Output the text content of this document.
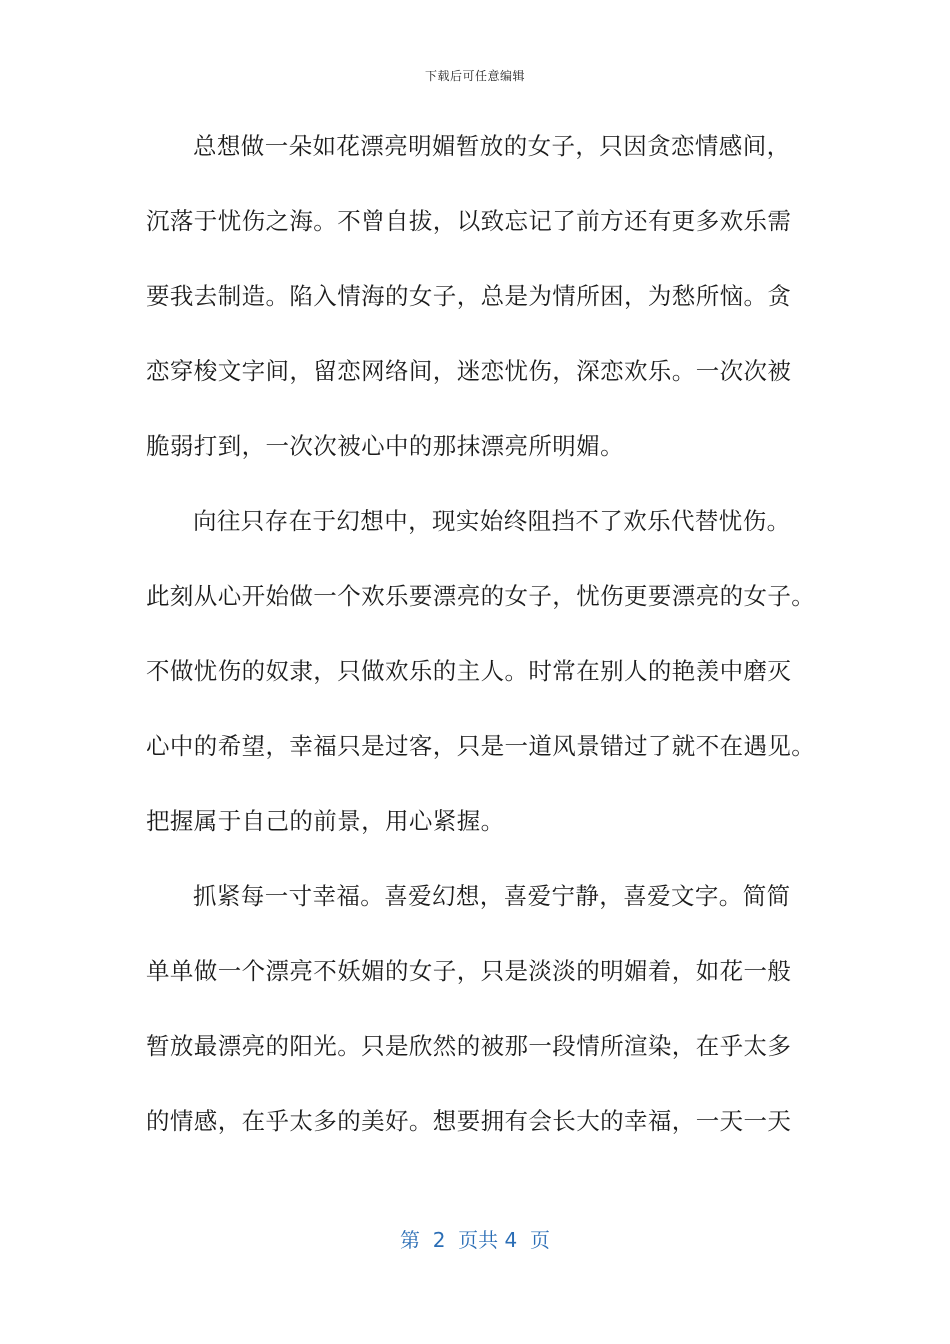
下载后可任意编辑
总想做一朵如花漂亮明媚暂放的女子，只因贪恋情感间，
沉落于忧伤之海。不曾自拔，以致忘记了前方还有更多欢乐需
要我去制造。陷入情海的女子，总是为情所困，为愁所恼。贪
恋穿梭文字间，留恋网络间，迷恋忧伤，深恋欢乐。一次次被
脆弱打到，一次次被心中的那抹漂亮所明媚。
向往只存在于幻想中，现实始终阻挡不了欢乐代替忧伤。
此刻从心开始做一个欢乐要漂亮的女子，忧伤更要漂亮的女子。
不做忧伤的奴隶，只做欢乐的主人。时常在别人的艳羡中磨灭
心中的希望，幸福只是过客，只是一道风景错过了就不在遇见。
把握属于自己的前景，用心紧握。
抓紧每一寸幸福。喜爱幻想，喜爱宁静，喜爱文字。简简
单单做一个漂亮不妖媚的女子，只是淡淡的明媚着，如花一般
暂放最漂亮的阳光。只是欣然的被那一段情所渲染，在乎太多
的情感，在乎太多的美好。想要拥有会长大的幸福，一天一天
第  2  页共 4  页
